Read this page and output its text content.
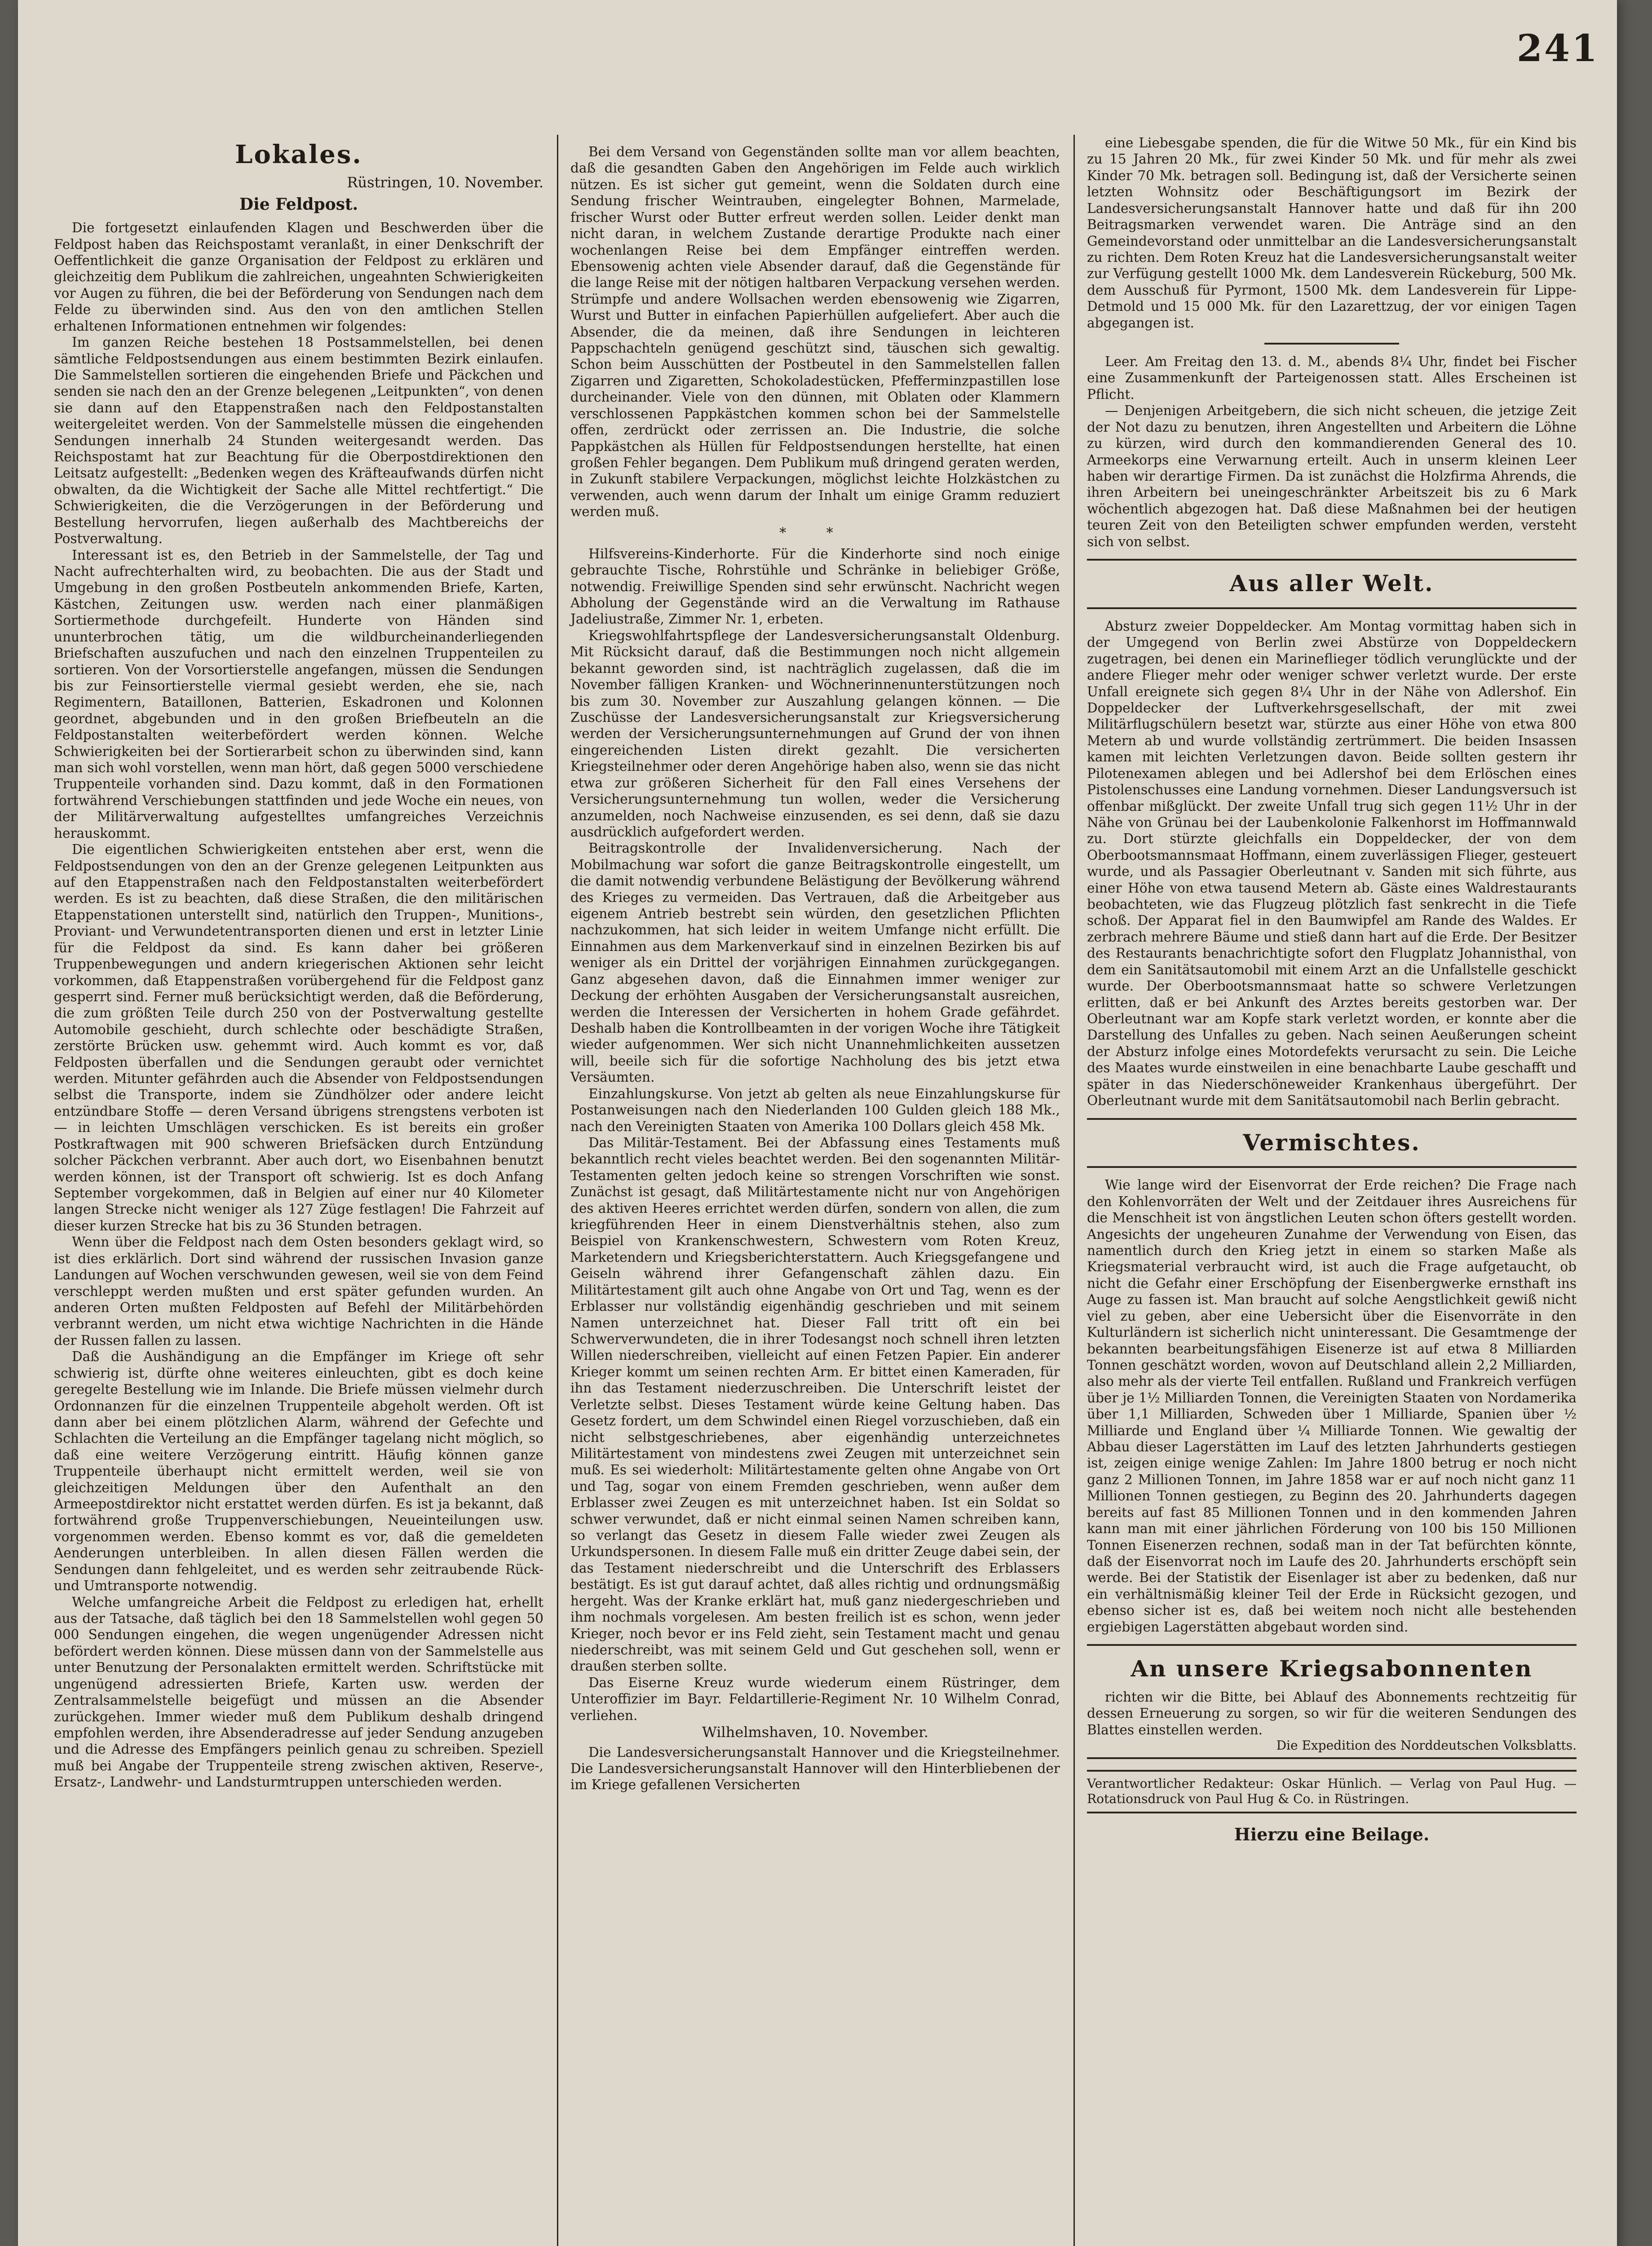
241
Lokales.
Rüstringen, 10. November.
Die Feldpost.

Die fortgesetzt einlaufenden Klagen und Beschwerden über die Feldpost haben das Reichspostamt veranlaßt, in einer Denkschrift der Oeffentlichkeit die ganze Organisation der Feldpost zu erklären und gleichzeitig dem Publikum die zahlreichen, ungeahnten Schwierigkeiten vor Augen zu führen, die bei der Beförderung von Sendungen nach dem Felde zu überwinden sind. Aus den von den amtlichen Stellen erhaltenen Informationen entnehmen wir folgendes:

Im ganzen Reiche bestehen 18 Postsammelstellen, bei denen sämtliche Feldpostsendungen aus einem bestimmten Bezirk einlaufen. Die Sammelstellen sortieren die eingehenden Briefe und Päckchen und senden sie nach den an der Grenze belegenen „Leitpunkten“, von denen sie dann auf den Etappenstraßen nach den Feldpostanstalten weitergeleitet werden. Von der Sammelstelle müssen die eingehenden Sendungen innerhalb 24 Stunden weitergesandt werden. Das Reichspostamt hat zur Beachtung für die Oberpostdirektionen den Leitsatz aufgestellt: „Bedenken wegen des Kräfteaufwands dürfen nicht obwalten, da die Wichtigkeit der Sache alle Mittel rechtfertigt.“ Die Schwierigkeiten, die die Verzögerungen in der Beförderung und Bestellung hervorrufen, liegen außerhalb des Machtbereichs der Postverwaltung.

Interessant ist es, den Betrieb in der Sammelstelle, der Tag und Nacht aufrechterhalten wird, zu beobachten. Die aus der Stadt und Umgebung in den großen Postbeuteln ankommenden Briefe, Karten, Kästchen, Zeitungen usw. werden nach einer planmäßigen Sortiermethode durchgefeilt. Hunderte von Händen sind ununterbrochen tätig, um die wildburcheinanderliegenden Briefschaften auszufuchen und nach den einzelnen Truppenteilen zu sortieren. Von der Vorsortierstelle angefangen, müssen die Sendungen bis zur Feinsortierstelle viermal gesiebt werden, ehe sie, nach Regimentern, Bataillonen, Batterien, Eskadronen und Kolonnen geordnet, abgebunden und in den großen Briefbeuteln an die Feldpostanstalten weiterbefördert werden können. Welche Schwierigkeiten bei der Sortierarbeit schon zu überwinden sind, kann man sich wohl vorstellen, wenn man hört, daß gegen 5000 verschiedene Truppenteile vorhanden sind. Dazu kommt, daß in den Formationen fortwährend Verschiebungen stattfinden und jede Woche ein neues, von der Militärverwaltung aufgestelltes umfangreiches Verzeichnis herauskommt.

Die eigentlichen Schwierigkeiten entstehen aber erst, wenn die Feldpostsendungen von den an der Grenze gelegenen Leitpunkten aus auf den Etappenstraßen nach den Feldpostanstalten weiterbefördert werden. Es ist zu beachten, daß diese Straßen, die den militärischen Etappenstationen unterstellt sind, natürlich den Truppen-, Munitions-, Proviant- und Verwundetentransporten dienen und erst in letzter Linie für die Feldpost da sind. Es kann daher bei größeren Truppenbewegungen und andern kriegerischen Aktionen sehr leicht vorkommen, daß Etappenstraßen vorübergehend für die Feldpost ganz gesperrt sind. Ferner muß berücksichtigt werden, daß die Beförderung, die zum größten Teile durch 250 von der Postverwaltung gestellte Automobile geschieht, durch schlechte oder beschädigte Straßen, zerstörte Brücken usw. gehemmt wird. Auch kommt es vor, daß Feldposten überfallen und die Sendungen geraubt oder vernichtet werden. Mitunter gefährden auch die Absender von Feldpostsendungen selbst die Transporte, indem sie Zündhölzer oder andere leicht entzündbare Stoffe — deren Versand übrigens strengstens verboten ist — in leichten Umschlägen verschicken. Es ist bereits ein großer Postkraftwagen mit 900 schweren Briefsäcken durch Entzündung solcher Päckchen verbrannt. Aber auch dort, wo Eisenbahnen benutzt werden können, ist der Transport oft schwierig. Ist es doch Anfang September vorgekommen, daß in Belgien auf einer nur 40 Kilometer langen Strecke nicht weniger als 127 Züge festlagen! Die Fahrzeit auf dieser kurzen Strecke hat bis zu 36 Stunden betragen.

Wenn über die Feldpost nach dem Osten besonders geklagt wird, so ist dies erklärlich. Dort sind während der russischen Invasion ganze Landungen auf Wochen verschwunden gewesen, weil sie von dem Feind verschleppt werden mußten und erst später gefunden wurden. An anderen Orten mußten Feldposten auf Befehl der Militärbehörden verbrannt werden, um nicht etwa wichtige Nachrichten in die Hände der Russen fallen zu lassen.

Daß die Aushändigung an die Empfänger im Kriege oft sehr schwierig ist, dürfte ohne weiteres einleuchten, gibt es doch keine geregelte Bestellung wie im Inlande. Die Briefe müssen vielmehr durch Ordonnanzen für die einzelnen Truppenteile abgeholt werden. Oft ist dann aber bei einem plötzlichen Alarm, während der Gefechte und Schlachten die Verteilung an die Empfänger tagelang nicht möglich, so daß eine weitere Verzögerung eintritt. Häufig können ganze Truppenteile überhaupt nicht ermittelt werden, weil sie von gleichzeitigen Meldungen über den Aufenthalt an den Armeepostdirektor nicht erstattet werden dürfen. Es ist ja bekannt, daß fortwährend große Truppenverschiebungen, Neueinteilungen usw. vorgenommen werden. Ebenso kommt es vor, daß die gemeldeten Aenderungen unterbleiben. In allen diesen Fällen werden die Sendungen dann fehlgeleitet, und es werden sehr zeitraubende Rück- und Umtransporte notwendig.

Welche umfangreiche Arbeit die Feldpost zu erledigen hat, erhellt aus der Tatsache, daß täglich bei den 18 Sammelstellen wohl gegen 50 000 Sendungen eingehen, die wegen ungenügender Adressen nicht befördert werden können. Diese müssen dann von der Sammelstelle aus unter Benutzung der Personalakten ermittelt werden. Schriftstücke mit ungenügend adressierten Briefe, Karten usw. werden der Zentralsammelstelle beigefügt und müssen an die Absender zurückgehen. Immer wieder muß dem Publikum deshalb dringend empfohlen werden, ihre Absenderadresse auf jeder Sendung anzugeben und die Adresse des Empfängers peinlich genau zu schreiben. Speziell muß bei Angabe der Truppenteile streng zwischen aktiven, Reserve-, Ersatz-, Landwehr- und Landsturmtruppen unterschieden werden.

Bei dem Versand von Gegenständen sollte man vor allem beachten, daß die gesandten Gaben den Angehörigen im Felde auch wirklich nützen. Es ist sicher gut gemeint, wenn die Soldaten durch eine Sendung frischer Weintrauben, eingelegter Bohnen, Marmelade, frischer Wurst oder Butter erfreut werden sollen. Leider denkt man nicht daran, in welchem Zustande derartige Produkte nach einer wochenlangen Reise bei dem Empfänger eintreffen werden. Ebensowenig achten viele Absender darauf, daß die Gegenstände für die lange Reise mit der nötigen haltbaren Verpackung versehen werden. Strümpfe und andere Wollsachen werden ebensowenig wie Zigarren, Wurst und Butter in einfachen Papierhüllen aufgeliefert. Aber auch die Absender, die da meinen, daß ihre Sendungen in leichteren Pappschachteln genügend geschützt sind, täuschen sich gewaltig. Schon beim Ausschütten der Postbeutel in den Sammelstellen fallen Zigarren und Zigaretten, Schokoladestücken, Pfefferminzpastillen lose durcheinander. Viele von den dünnen, mit Oblaten oder Klammern verschlossenen Pappkästchen kommen schon bei der Sammelstelle offen, zerdrückt oder zerrissen an. Die Industrie, die solche Pappkästchen als Hüllen für Feldpostsendungen herstellte, hat einen großen Fehler begangen. Dem Publikum muß dringend geraten werden, in Zukunft stabilere Verpackungen, möglichst leichte Holzkästchen zu verwenden, auch wenn darum der Inhalt um einige Gramm reduziert werden muß.

* *

Hilfsvereins-Kinderhorte. Für die Kinderhorte sind noch einige gebrauchte Tische, Rohrstühle und Schränke in beliebiger Größe, notwendig. Freiwillige Spenden sind sehr erwünscht. Nachricht wegen Abholung der Gegenstände wird an die Verwaltung im Rathause Jadeliustraße, Zimmer Nr. 1, erbeten.

Kriegswohlfahrtspflege der Landesversicherungsanstalt Oldenburg. Mit Rücksicht darauf, daß die Bestimmungen noch nicht allgemein bekannt geworden sind, ist nachträglich zugelassen, daß die im November fälligen Kranken- und Wöchnerinnenunterstützungen noch bis zum 30. November zur Auszahlung gelangen können. — Die Zuschüsse der Landesversicherungsanstalt zur Kriegsversicherung werden der Versicherungsunternehmungen auf Grund der von ihnen eingereichenden Listen direkt gezahlt. Die versicherten Kriegsteilnehmer oder deren Angehörige haben also, wenn sie das nicht etwa zur größeren Sicherheit für den Fall eines Versehens der Versicherungsunternehmung tun wollen, weder die Versicherung anzumelden, noch Nachweise einzusenden, es sei denn, daß sie dazu ausdrücklich aufgefordert werden.

Beitragskontrolle der Invalidenversicherung. Nach der Mobilmachung war sofort die ganze Beitragskontrolle eingestellt, um die damit notwendig verbundene Belästigung der Bevölkerung während des Krieges zu vermeiden. Das Vertrauen, daß die Arbeitgeber aus eigenem Antrieb bestrebt sein würden, den gesetzlichen Pflichten nachzukommen, hat sich leider in weitem Umfange nicht erfüllt. Die Einnahmen aus dem Markenverkauf sind in einzelnen Bezirken bis auf weniger als ein Drittel der vorjährigen Einnahmen zurückgegangen. Ganz abgesehen davon, daß die Einnahmen immer weniger zur Deckung der erhöhten Ausgaben der Versicherungsanstalt ausreichen, werden die Interessen der Versicherten in hohem Grade gefährdet. Deshalb haben die Kontrollbeamten in der vorigen Woche ihre Tätigkeit wieder aufgenommen. Wer sich nicht Unannehmlichkeiten aussetzen will, beeile sich für die sofortige Nachholung des bis jetzt etwa Versäumten.

Einzahlungskurse. Von jetzt ab gelten als neue Einzahlungskurse für Postanweisungen nach den Niederlanden 100 Gulden gleich 188 Mk., nach den Vereinigten Staaten von Amerika 100 Dollars gleich 458 Mk.

Das Militär-Testament. Bei der Abfassung eines Testaments muß bekanntlich recht vieles beachtet werden. Bei den sogenannten Militär-Testamenten gelten jedoch keine so strengen Vorschriften wie sonst. Zunächst ist gesagt, daß Militärtestamente nicht nur von Angehörigen des aktiven Heeres errichtet werden dürfen, sondern von allen, die zum kriegführenden Heer in einem Dienstverhältnis stehen, also zum Beispiel von Krankenschwestern, Schwestern vom Roten Kreuz, Marketendern und Kriegsberichterstattern. Auch Kriegsgefangene und Geiseln während ihrer Gefangenschaft zählen dazu. Ein Militärtestament gilt auch ohne Angabe von Ort und Tag, wenn es der Erblasser nur vollständig eigenhändig geschrieben und mit seinem Namen unterzeichnet hat. Dieser Fall tritt oft ein bei Schwerverwundeten, die in ihrer Todesangst noch schnell ihren letzten Willen niederschreiben, vielleicht auf einen Fetzen Papier. Ein anderer Krieger kommt um seinen rechten Arm. Er bittet einen Kameraden, für ihn das Testament niederzuschreiben. Die Unterschrift leistet der Verletzte selbst. Dieses Testament würde keine Geltung haben. Das Gesetz fordert, um dem Schwindel einen Riegel vorzuschieben, daß ein nicht selbstgeschriebenes, aber eigenhändig unterzeichnetes Militärtestament von mindestens zwei Zeugen mit unterzeichnet sein muß. Es sei wiederholt: Militärtestamente gelten ohne Angabe von Ort und Tag, sogar von einem Fremden geschrieben, wenn außer dem Erblasser zwei Zeugen es mit unterzeichnet haben. Ist ein Soldat so schwer verwundet, daß er nicht einmal seinen Namen schreiben kann, so verlangt das Gesetz in diesem Falle wieder zwei Zeugen als Urkundspersonen. In diesem Falle muß ein dritter Zeuge dabei sein, der das Testament niederschreibt und die Unterschrift des Erblassers bestätigt. Es ist gut darauf achtet, daß alles richtig und ordnungsmäßig hergeht. Was der Kranke erklärt hat, muß ganz niedergeschrieben und ihm nochmals vorgelesen. Am besten freilich ist es schon, wenn jeder Krieger, noch bevor er ins Feld zieht, sein Testament macht und genau niederschreibt, was mit seinem Geld und Gut geschehen soll, wenn er draußen sterben sollte.

Das Eiserne Kreuz wurde wiederum einem Rüstringer, dem Unteroffizier im Bayr. Feldartillerie-Regiment Nr. 10 Wilhelm Conrad, verliehen.

Wilhelmshaven, 10. November.

Die Landesversicherungsanstalt Hannover und die Kriegsteilnehmer. Die Landesversicherungsanstalt Hannover will den Hinterbliebenen der im Kriege gefallenen Versicherten

eine Liebesgabe spenden, die für die Witwe 50 Mk., für ein Kind bis zu 15 Jahren 20 Mk., für zwei Kinder 50 Mk. und für mehr als zwei Kinder 70 Mk. betragen soll. Bedingung ist, daß der Versicherte seinen letzten Wohnsitz oder Beschäftigungsort im Bezirk der Landesversicherungsanstalt Hannover hatte und daß für ihn 200 Beitragsmarken verwendet waren. Die Anträge sind an den Gemeindevorstand oder unmittelbar an die Landesversicherungsanstalt zu richten. Dem Roten Kreuz hat die Landesversicherungsanstalt weiter zur Verfügung gestellt 1000 Mk. dem Landesverein Rückeburg, 500 Mk. dem Ausschuß für Pyrmont, 1500 Mk. dem Landesverein für Lippe-Detmold und 15 000 Mk. für den Lazarettzug, der vor einigen Tagen abgegangen ist.

Leer. Am Freitag den 13. d. M., abends 8¼ Uhr, findet bei Fischer eine Zusammenkunft der Parteigenossen statt. Alles Erscheinen ist Pflicht.

— Denjenigen Arbeitgebern, die sich nicht scheuen, die jetzige Zeit der Not dazu zu benutzen, ihren Angestellten und Arbeitern die Löhne zu kürzen, wird durch den kommandierenden General des 10. Armeekorps eine Verwarnung erteilt. Auch in unserm kleinen Leer haben wir derartige Firmen. Da ist zunächst die Holzfirma Ahrends, die ihren Arbeitern bei uneingeschränkter Arbeitszeit bis zu 6 Mark wöchentlich abgezogen hat. Daß diese Maßnahmen bei der heutigen teuren Zeit von den Beteiligten schwer empfunden werden, versteht sich von selbst.

Aus aller Welt.

Absturz zweier Doppeldecker. Am Montag vormittag haben sich in der Umgegend von Berlin zwei Abstürze von Doppeldeckern zugetragen, bei denen ein Marineflieger tödlich verunglückte und der andere Flieger mehr oder weniger schwer verletzt wurde. Der erste Unfall ereignete sich gegen 8¼ Uhr in der Nähe von Adlershof. Ein Doppeldecker der Luftverkehrsgesellschaft, der mit zwei Militärflugschülern besetzt war, stürzte aus einer Höhe von etwa 800 Metern ab und wurde vollständig zertrümmert. Die beiden Insassen kamen mit leichten Verletzungen davon. Beide sollten gestern ihr Pilotenexamen ablegen und bei Adlershof bei dem Erlöschen eines Pistolenschusses eine Landung vornehmen. Dieser Landungsversuch ist offenbar mißglückt. Der zweite Unfall trug sich gegen 11½ Uhr in der Nähe von Grünau bei der Laubenkolonie Falkenhorst im Hoffmannwald zu. Dort stürzte gleichfalls ein Doppeldecker, der von dem Oberbootsmannsmaat Hoffmann, einem zuverlässigen Flieger, gesteuert wurde, und als Passagier Oberleutnant v. Sanden mit sich führte, aus einer Höhe von etwa tausend Metern ab. Gäste eines Waldrestaurants beobachteten, wie das Flugzeug plötzlich fast senkrecht in die Tiefe schoß. Der Apparat fiel in den Baumwipfel am Rande des Waldes. Er zerbrach mehrere Bäume und stieß dann hart auf die Erde. Der Besitzer des Restaurants benachrichtigte sofort den Flugplatz Johannisthal, von dem ein Sanitätsautomobil mit einem Arzt an die Unfallstelle geschickt wurde. Der Oberbootsmannsmaat hatte so schwere Verletzungen erlitten, daß er bei Ankunft des Arztes bereits gestorben war. Der Oberleutnant war am Kopfe stark verletzt worden, er konnte aber die Darstellung des Unfalles zu geben. Nach seinen Aeußerungen scheint der Absturz infolge eines Motordefekts verursacht zu sein. Die Leiche des Maates wurde einstweilen in eine benachbarte Laube geschafft und später in das Niederschöneweider Krankenhaus übergeführt. Der Oberleutnant wurde mit dem Sanitätsautomobil nach Berlin gebracht.

Vermischtes.

Wie lange wird der Eisenvorrat der Erde reichen? Die Frage nach den Kohlenvorräten der Welt und der Zeitdauer ihres Ausreichens für die Menschheit ist von ängstlichen Leuten schon öfters gestellt worden. Angesichts der ungeheuren Zunahme der Verwendung von Eisen, das namentlich durch den Krieg jetzt in einem so starken Maße als Kriegsmaterial verbraucht wird, ist auch die Frage aufgetaucht, ob nicht die Gefahr einer Erschöpfung der Eisenbergwerke ernsthaft ins Auge zu fassen ist. Man braucht auf solche Aengstlichkeit gewiß nicht viel zu geben, aber eine Uebersicht über die Eisenvorräte in den Kulturländern ist sicherlich nicht uninteressant. Die Gesamtmenge der bekannten bearbeitungsfähigen Eisenerze ist auf etwa 8 Milliarden Tonnen geschätzt worden, wovon auf Deutschland allein 2,2 Milliarden, also mehr als der vierte Teil entfallen. Rußland und Frankreich verfügen über je 1½ Milliarden Tonnen, die Vereinigten Staaten von Nordamerika über 1,1 Milliarden, Schweden über 1 Milliarde, Spanien über ½ Milliarde und England über ¼ Milliarde Tonnen. Wie gewaltig der Abbau dieser Lagerstätten im Lauf des letzten Jahrhunderts gestiegen ist, zeigen einige wenige Zahlen: Im Jahre 1800 betrug er noch nicht ganz 2 Millionen Tonnen, im Jahre 1858 war er auf noch nicht ganz 11 Millionen Tonnen gestiegen, zu Beginn des 20. Jahrhunderts dagegen bereits auf fast 85 Millionen Tonnen und in den kommenden Jahren kann man mit einer jährlichen Förderung von 100 bis 150 Millionen Tonnen Eisenerzen rechnen, sodaß man in der Tat befürchten könnte, daß der Eisenvorrat noch im Laufe des 20. Jahrhunderts erschöpft sein werde. Bei der Statistik der Eisenlager ist aber zu bedenken, daß nur ein verhältnismäßig kleiner Teil der Erde in Rücksicht gezogen, und ebenso sicher ist es, daß bei weitem noch nicht alle bestehenden ergiebigen Lagerstätten abgebaut worden sind.

An unsere Kriegsabonnenten

richten wir die Bitte, bei Ablauf des Abonnements rechtzeitig für dessen Erneuerung zu sorgen, so wir für die weiteren Sendungen des Blattes einstellen werden.

Die Expedition des Norddeutschen Volksblatts.
Verantwortlicher Redakteur: Oskar Hünlich. — Verlag von Paul Hug. — Rotationsdruck von Paul Hug & Co. in Rüstringen.
Hierzu eine Beilage.
